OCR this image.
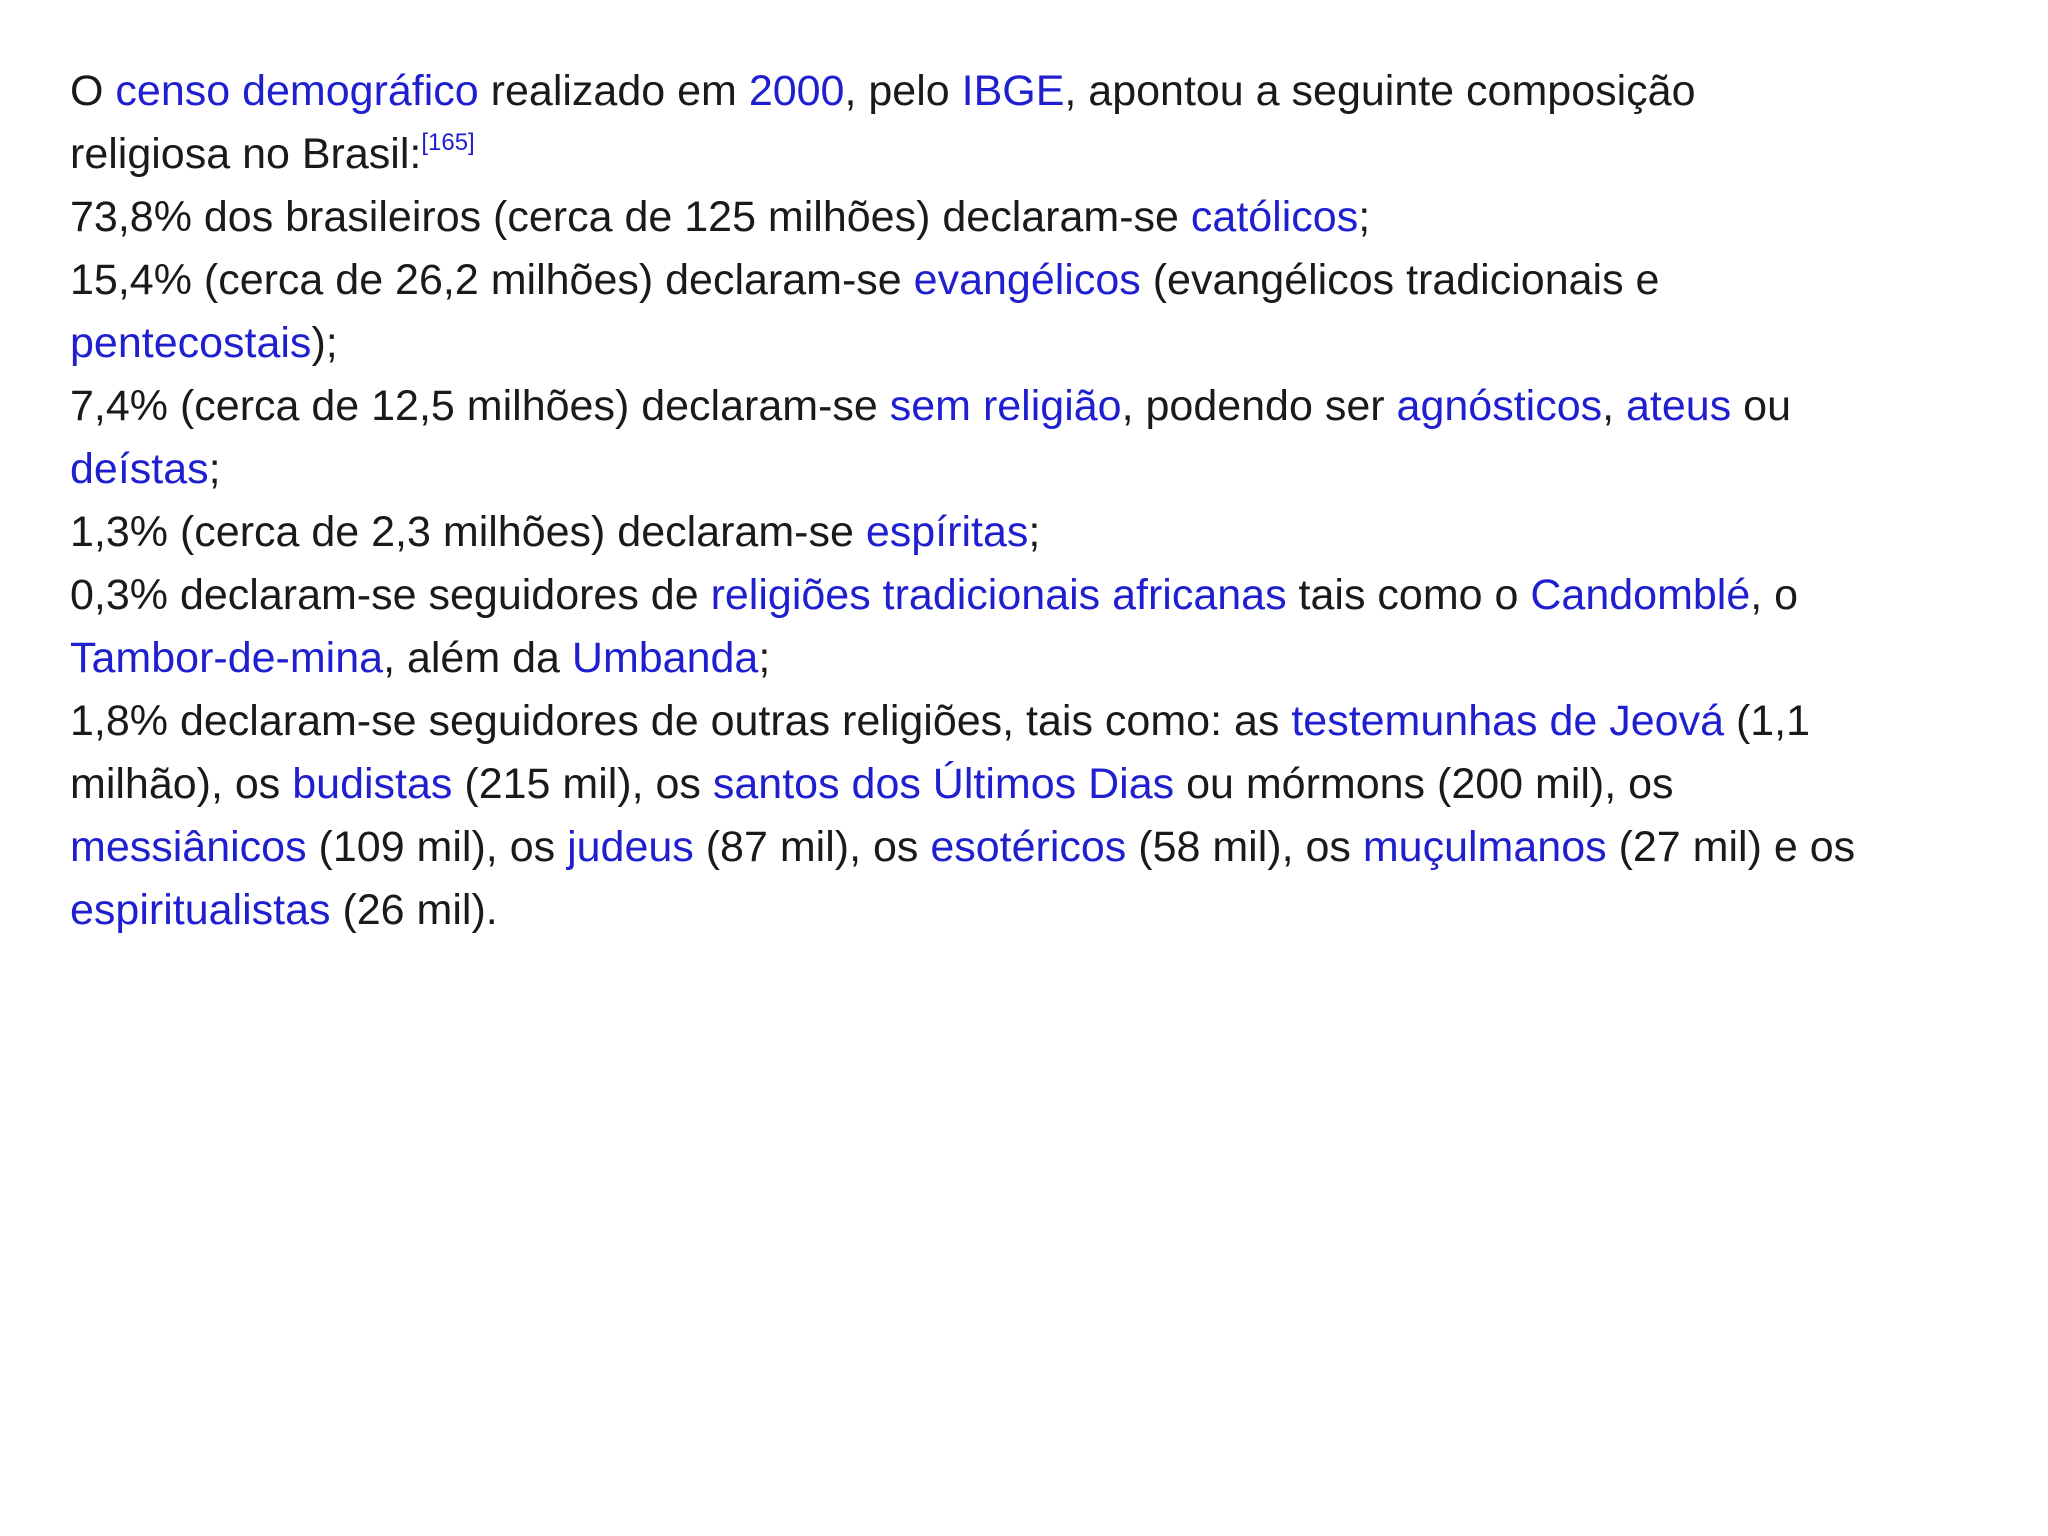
O censo demográfico realizado em 2000, pelo IBGE, apontou a seguinte composição
religiosa no Brasil:[165]
73,8% dos brasileiros (cerca de 125 milhões) declaram-se católicos;
15,4% (cerca de 26,2 milhões) declaram-se evangélicos (evangélicos tradicionais e
pentecostais);
7,4% (cerca de 12,5 milhões) declaram-se sem religião, podendo ser agnósticos, ateus ou
deístas;
1,3% (cerca de 2,3 milhões) declaram-se espíritas;
0,3% declaram-se seguidores de religiões tradicionais africanas tais como o Candomblé, o
Tambor-de-mina, além da Umbanda;
1,8% declaram-se seguidores de outras religiões, tais como: as testemunhas de Jeová (1,1
milhão), os budistas (215 mil), os santos dos Últimos Dias ou mórmons (200 mil), os
messiânicos (109 mil), os judeus (87 mil), os esotéricos (58 mil), os muçulmanos (27 mil) e os
espiritualistas (26 mil).
